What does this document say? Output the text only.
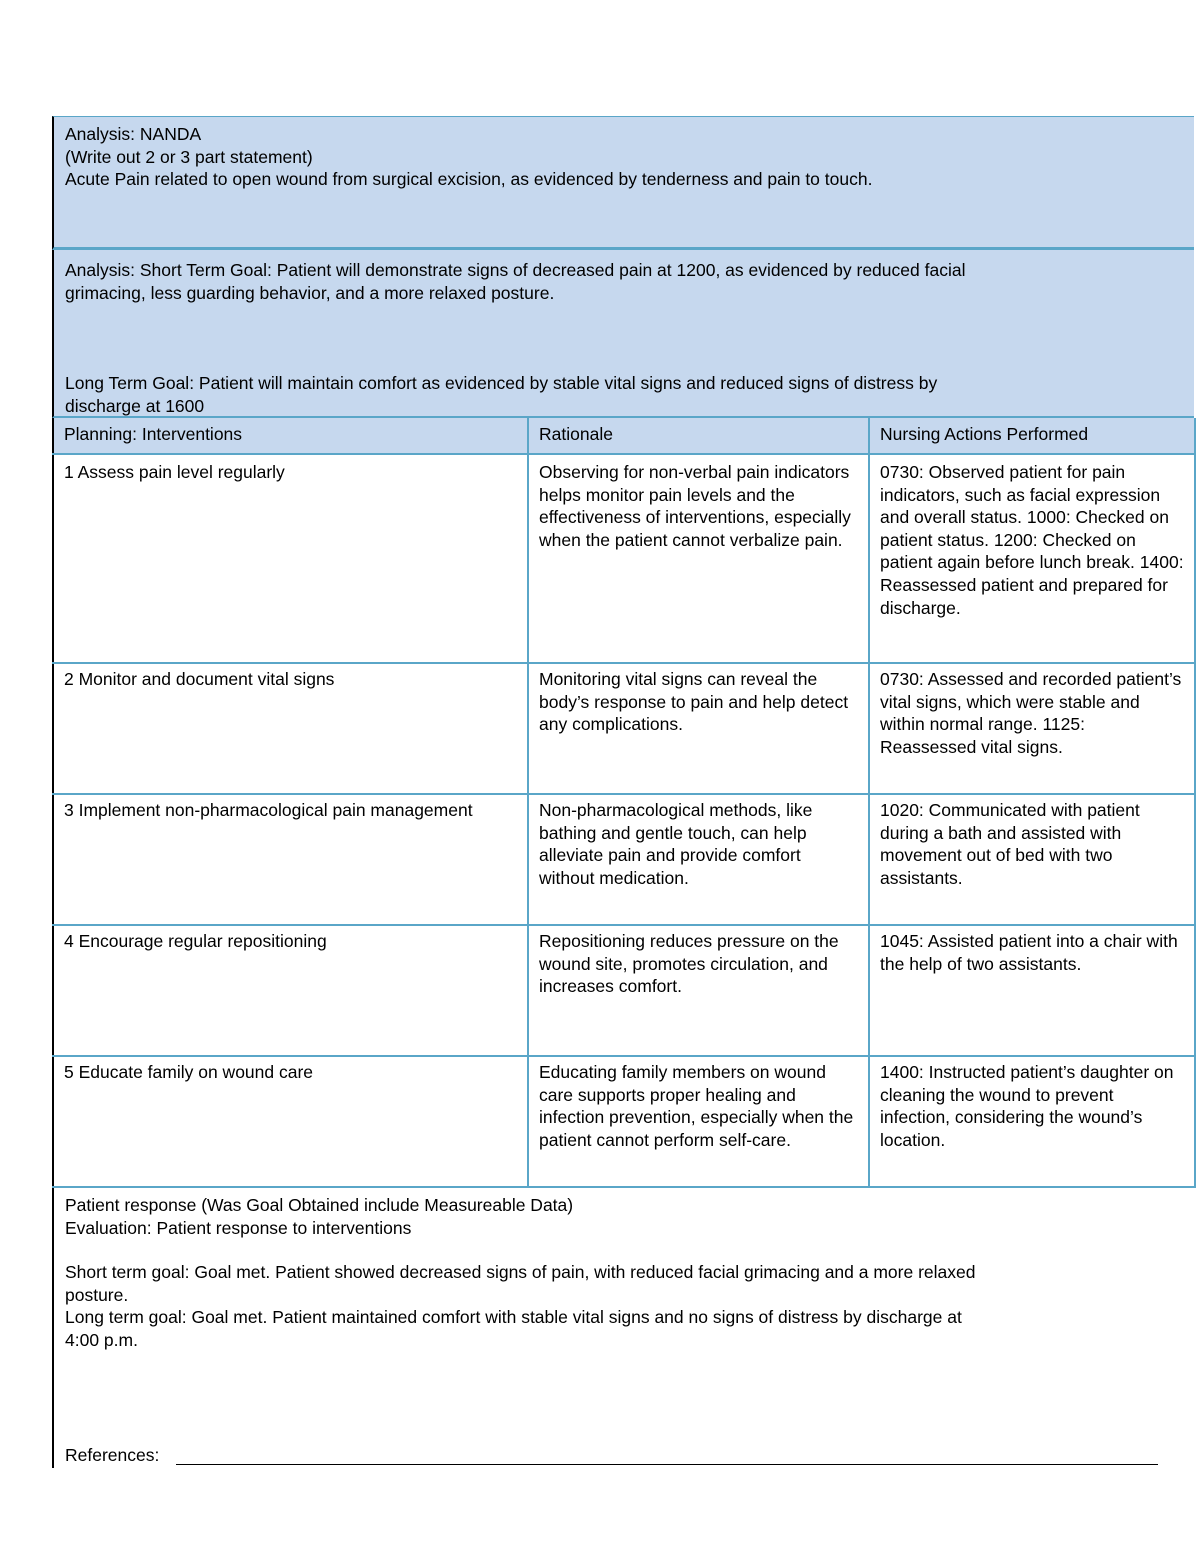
Analysis: NANDA
(Write out 2 or 3 part statement)
Acute Pain related to open wound from surgical excision, as evidenced by tenderness and pain to touch.
Analysis: Short Term Goal: Patient will demonstrate signs of decreased pain at 1200, as evidenced by reduced facial
grimacing, less guarding behavior, and a more relaxed posture.
Long Term Goal: Patient will maintain comfort as evidenced by stable vital signs and reduced signs of distress by
discharge at 1600
Planning: Interventions	Rationale	Nursing Actions Performed
1 Assess pain level regularly	Observing for non-verbal pain indicators helps monitor pain levels and the effectiveness of interventions, especially when the patient cannot verbalize pain.	0730: Observed patient for pain indicators, such as facial expression and overall status. 1000: Checked on patient status. 1200: Checked on patient again before lunch break. 1400: Reassessed patient and prepared for discharge.
2 Monitor and document vital signs	Monitoring vital signs can reveal the body’s response to pain and help detect any complications.	0730: Assessed and recorded patient’s vital signs, which were stable and within normal range. 1125: Reassessed vital signs.
3 Implement non-pharmacological pain management	Non-pharmacological methods, like bathing and gentle touch, can help alleviate pain and provide comfort without medication.	1020: Communicated with patient during a bath and assisted with movement out of bed with two assistants.
4 Encourage regular repositioning	Repositioning reduces pressure on the wound site, promotes circulation, and increases comfort.	1045: Assisted patient into a chair with the help of two assistants.
5 Educate family on wound care	Educating family members on wound care supports proper healing and infection prevention, especially when the patient cannot perform self-care.	1400: Instructed patient’s daughter on cleaning the wound to prevent infection, considering the wound’s location.
Patient response (Was Goal Obtained include Measureable Data)
Evaluation: Patient response to interventions
Short term goal: Goal met. Patient showed decreased signs of pain, with reduced facial grimacing and a more relaxed
posture.
Long term goal: Goal met. Patient maintained comfort with stable vital signs and no signs of distress by discharge at
4:00 p.m.
References:
